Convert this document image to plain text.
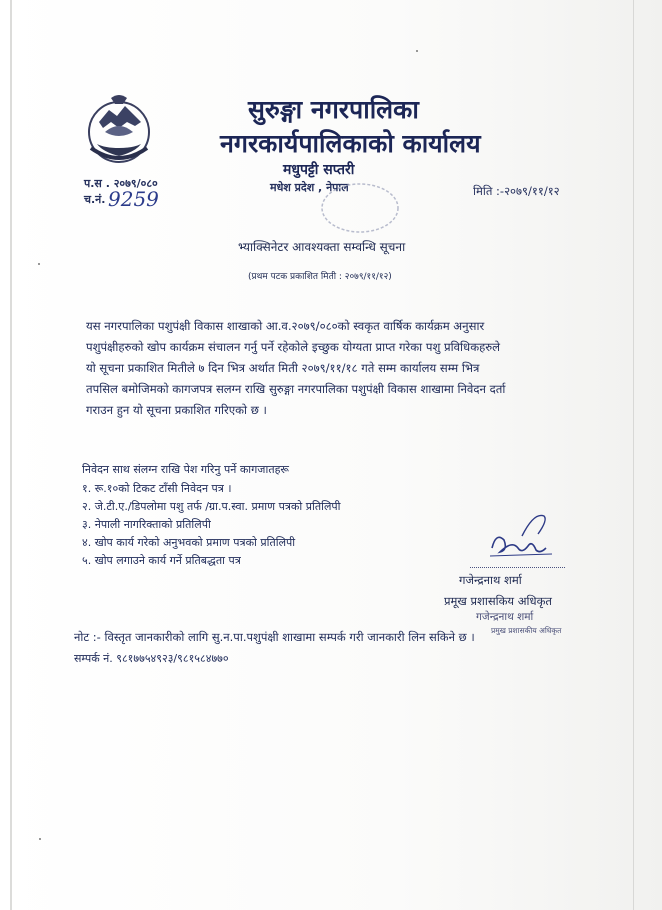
सुरुङ्गा नगरपालिका
नगरकार्यपालिकाको कार्यालय
मधुपट्टी सप्तरी
मधेश प्रदेश , नेपाल
प.स . २०७९/०८०
च.नं. 9259	मिति :-२०७९/११/१२
भ्याक्सिनेटर आवश्यक्ता सम्वन्धि सूचना
(प्रथम पटक प्रकाशित मिती : २०७९/११/१२)
यस नगरपालिका पशुपंक्षी विकास शाखाको आ.व.२०७९/०८०को स्वकृत वार्षिक कार्यक्रम अनुसार
पशुपंक्षीहरुको खोप कार्यक्रम संचालन गर्नु पर्ने रहेकोले इच्छुक योग्यता प्राप्त गरेका पशु प्रविधिकहरुले
यो सूचना प्रकाशित मितीले ७ दिन भित्र अर्थात मिती २०७९/११/१८ गते सम्म कार्यालय सम्म भित्र
तपसिल बमोजिमको कागजपत्र सलग्न राखि सुरुङ्गा नगरपालिका पशुपंक्षी विकास शाखामा निवेदन दर्ता
गराउन हुन यो सूचना प्रकाशित गरिएको छ ।
निवेदन साथ संलग्न राखि पेश गरिनु पर्ने कागजातहरू
१. रू.१०को टिकट टाँसी निवेदन पत्र ।
२. जे.टी.ए./डिपलोमा पशु तर्फ /ग्रा.प.स्वा. प्रमाण पत्रको प्रतिलिपी
३. नेपाली नागरिक्ताको प्रतिलिपी
४. खोप कार्य गरेको अनुभवको प्रमाण पत्रको प्रतिलिपी
५. खोप लगाउने कार्य गर्ने प्रतिबद्धता पत्र
गजेन्द्रनाथ शर्मा
प्रमूख प्रशासकिय अधिकृत
गजेन्द्रनाथ शर्मा
प्रमुख प्रशासकीय अधिकृत
नोट :- विस्तृत जानकारीको लागि सु.न.पा.पशुपंक्षी शाखामा सम्पर्क गरी जानकारी लिन सकिने छ ।
सम्पर्क नं. ९८१७७५४९२३/९८१५८४७७०
